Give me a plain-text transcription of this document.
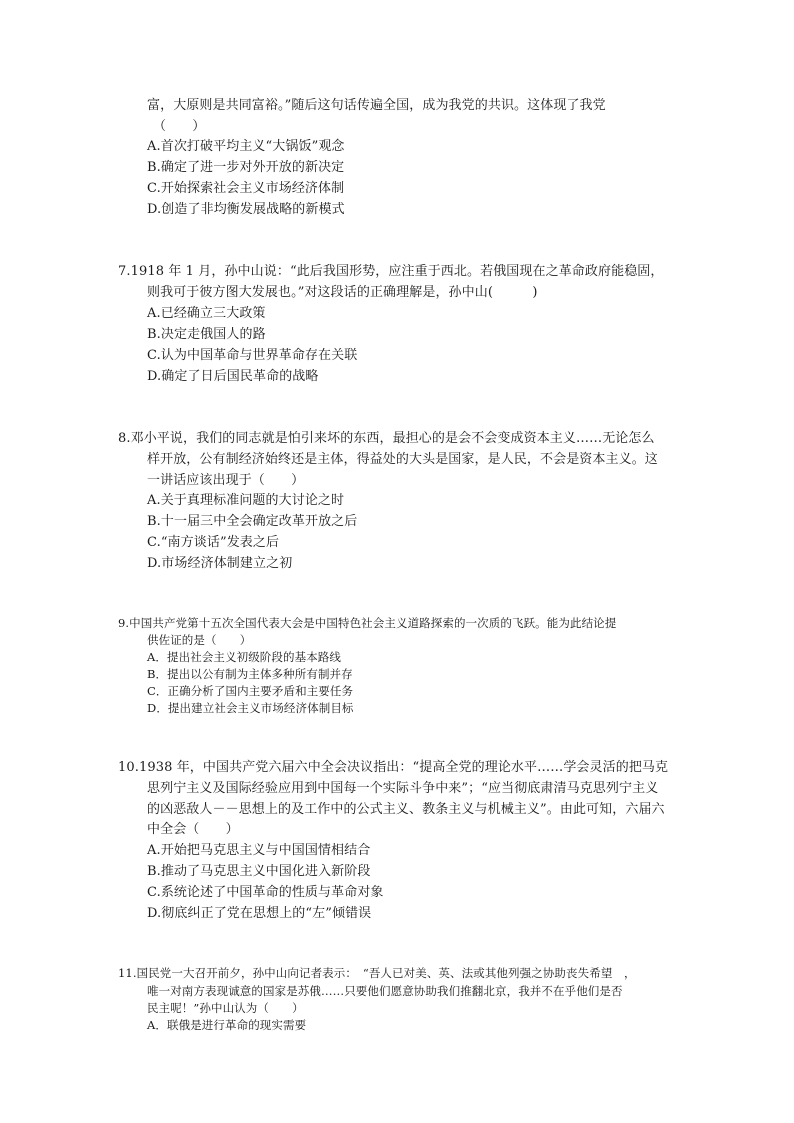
富，大原则是共同富裕。”随后这句话传遍全国，成为我党的共识。这体现了我党
（　　）
A.首次打破平均主义“大锅饭”观念
B.确定了进一步对外开放的新决定
C.开始探索社会主义市场经济体制
D.创造了非均衡发展战略的新模式
7.1918 年 1 月，孙中山说：“此后我国形势，应注重于西北。若俄国现在之革命政府能稳固，
则我可于彼方图大发展也。”对这段话的正确理解是，孙中山(　　　)
A.已经确立三大政策
B.决定走俄国人的路
C.认为中国革命与世界革命存在关联
D.确定了日后国民革命的战略
8.邓小平说，我们的同志就是怕引来坏的东西，最担心的是会不会变成资本主义……无论怎么
样开放，公有制经济始终还是主体，得益处的大头是国家，是人民，不会是资本主义。这
一讲话应该出现于（　　）
A.关于真理标准问题的大讨论之时
B.十一届三中全会确定改革开放之后
C.“南方谈话”发表之后
D.市场经济体制建立之初
9.中国共产党第十五次全国代表大会是中国特色社会主义道路探索的一次质的飞跃。能为此结论提
供佐证的是（　　）
A．提出社会主义初级阶段的基本路线
B．提出以公有制为主体多种所有制并存
C．正确分析了国内主要矛盾和主要任务
D．提出建立社会主义市场经济体制目标
10.1938 年，中国共产党六届六中全会决议指出：“提高全党的理论水平……学会灵活的把马克
思列宁主义及国际经验应用到中国每一个实际斗争中来”；“应当彻底肃清马克思列宁主义
的凶恶敌人－－思想上的及工作中的公式主义、教条主义与机械主义”。由此可知，六届六
中全会（　　）
A.开始把马克思主义与中国国情相结合
B.推动了马克思主义中国化进入新阶段
C.系统论述了中国革命的性质与革命对象
D.彻底纠正了党在思想上的“左”倾错误
11.国民党一大召开前夕，孙中山向记者表示：　“吾人已对美、英、法或其他列强之协助丧失希望　，
唯一对南方表现诚意的国家是苏俄……只要他们愿意协助我们推翻北京，我并不在乎他们是否
民主呢！”孙中山认为（　　）
A．联俄是进行革命的现实需要
